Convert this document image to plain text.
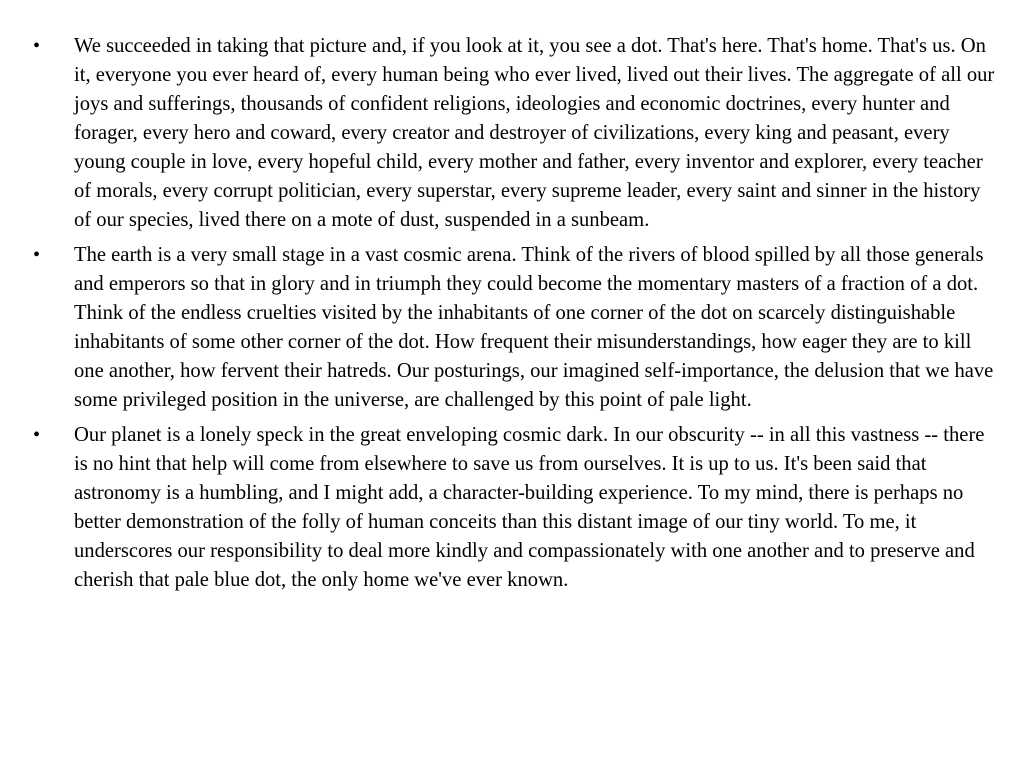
• We succeeded in taking that picture and, if you look at it, you see a dot. That's here. That's home. That's us. On it, everyone you ever heard of, every human being who ever lived, lived out their lives. The aggregate of all our joys and sufferings, thousands of confident religions, ideologies and economic doctrines, every hunter and forager, every hero and coward, every creator and destroyer of civilizations, every king and peasant, every young couple in love, every hopeful child, every mother and father, every inventor and explorer, every teacher of morals, every corrupt politician, every superstar, every supreme leader, every saint and sinner in the history of our species, lived there on a mote of dust, suspended in a sunbeam.
• The earth is a very small stage in a vast cosmic arena. Think of the rivers of blood spilled by all those generals and emperors so that in glory and in triumph they could become the momentary masters of a fraction of a dot. Think of the endless cruelties visited by the inhabitants of one corner of the dot on scarcely distinguishable inhabitants of some other corner of the dot. How frequent their misunderstandings, how eager they are to kill one another, how fervent their hatreds. Our posturings, our imagined self-importance, the delusion that we have some privileged position in the universe, are challenged by this point of pale light.
• Our planet is a lonely speck in the great enveloping cosmic dark. In our obscurity -- in all this vastness -- there is no hint that help will come from elsewhere to save us from ourselves. It is up to us. It's been said that astronomy is a humbling, and I might add, a character-building experience. To my mind, there is perhaps no better demonstration of the folly of human conceits than this distant image of our tiny world. To me, it underscores our responsibility to deal more kindly and compassionately with one another and to preserve and cherish that pale blue dot, the only home we've ever known.
